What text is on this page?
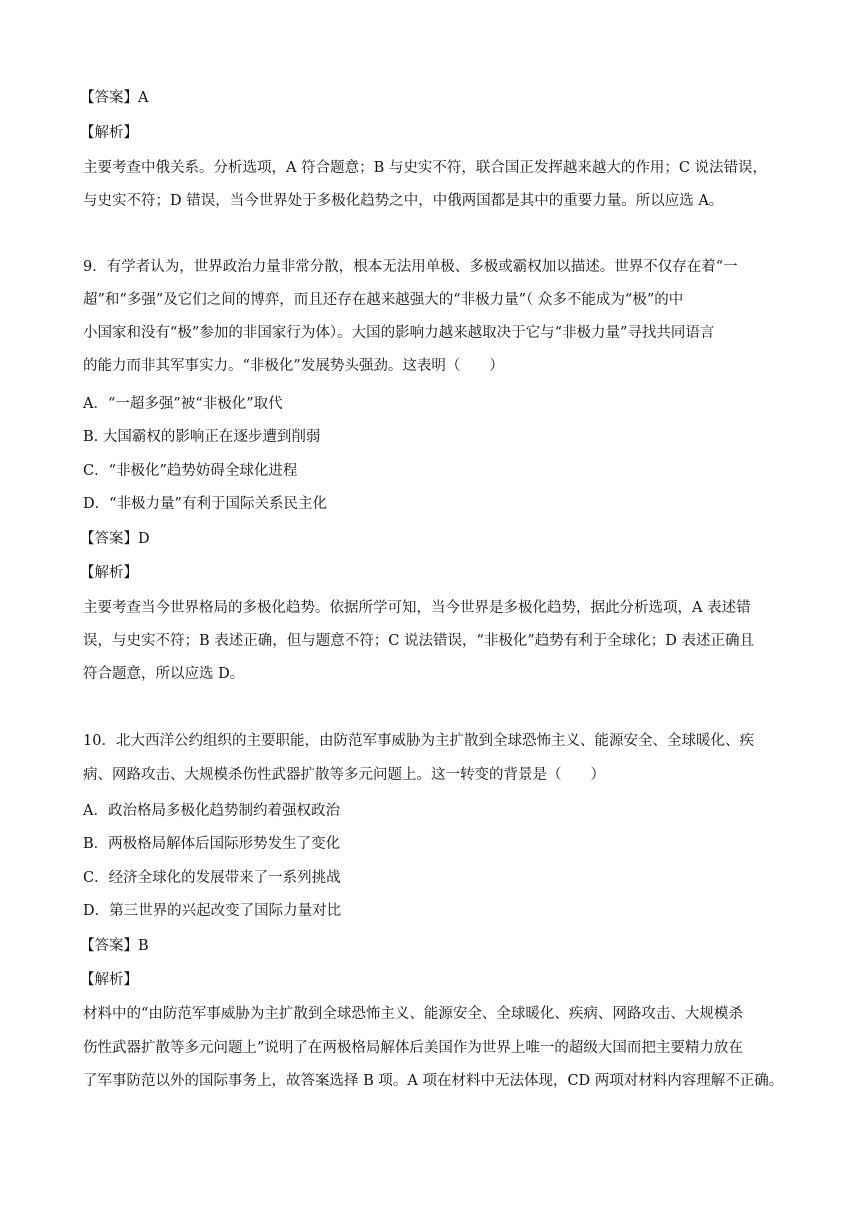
【答案】A
【解析】
主要考查中俄关系。分析选项，A 符合题意；B 与史实不符，联合国正发挥越来越大的作用；C 说法错误，
与史实不符；D 错误，当今世界处于多极化趋势之中，中俄两国都是其中的重要力量。所以应选 A。
9．有学者认为，世界政治力量非常分散，根本无法用单极、多极或霸权加以描述。世界不仅存在着“一
超”和“多强”及它们之间的博弈，而且还存在越来越强大的“非极力量”（ 众多不能成为“极”的中
小国家和没有“极”参加的非国家行为体）。大国的影响力越来越取决于它与“非极力量”寻找共同语言
的能力而非其军事实力。“非极化”发展势头强劲。这表明（　　）
A．“一超多强”被“非极化”取代
B. 大国霸权的影响正在逐步遭到削弱
C．“非极化”趋势妨碍全球化进程
D．“非极力量”有利于国际关系民主化
【答案】D
【解析】
主要考查当今世界格局的多极化趋势。依据所学可知，当今世界是多极化趋势，据此分析选项，A 表述错
误，与史实不符；B 表述正确，但与题意不符；C 说法错误，“非极化”趋势有利于全球化；D 表述正确且
符合题意，所以应选 D。
10．北大西洋公约组织的主要职能，由防范军事威胁为主扩散到全球恐怖主义、能源安全、全球暖化、疾
病、网路攻击、大规模杀伤性武器扩散等多元问题上。这一转变的背景是（　　）
A．政治格局多极化趋势制约着强权政治
B．两极格局解体后国际形势发生了变化
C．经济全球化的发展带来了一系列挑战
D．第三世界的兴起改变了国际力量对比
【答案】B
【解析】
材料中的“由防范军事威胁为主扩散到全球恐怖主义、能源安全、全球暖化、疾病、网路攻击、大规模杀
伤性武器扩散等多元问题上”说明了在两极格局解体后美国作为世界上唯一的超级大国而把主要精力放在
了军事防范以外的国际事务上，故答案选择 B 项。A 项在材料中无法体现，CD 两项对材料内容理解不正确。
